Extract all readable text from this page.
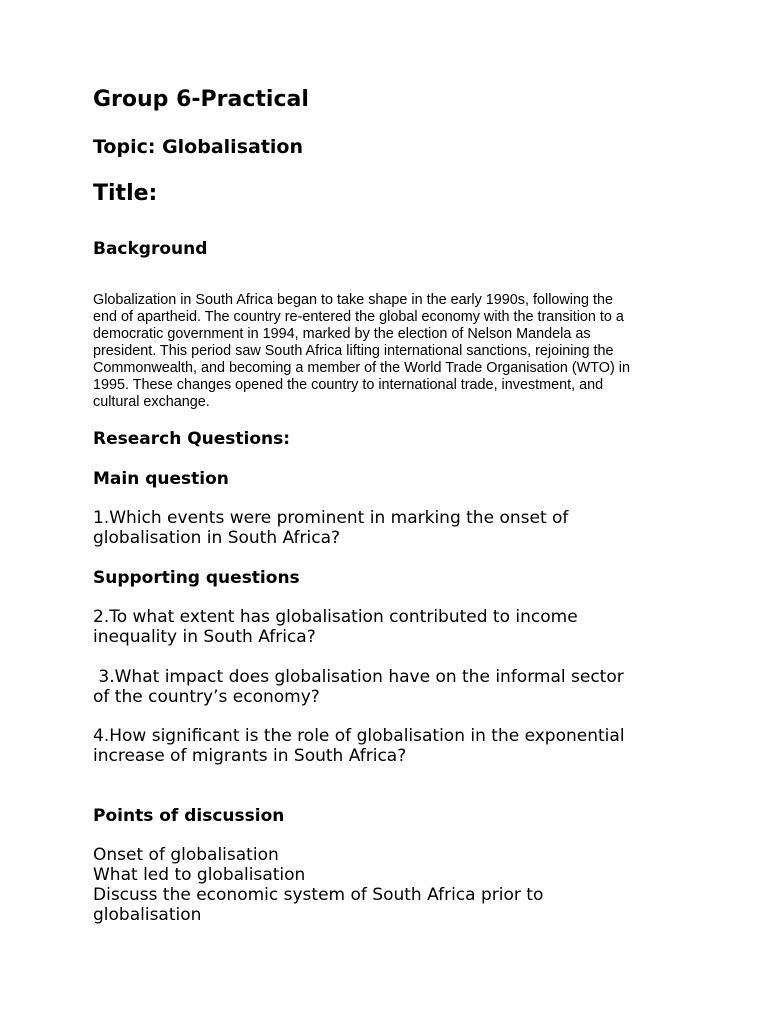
Group 6-Practical
Topic: Globalisation
Title:
Background
Globalization in South Africa began to take shape in the early 1990s, following the
end of apartheid. The country re-entered the global economy with the transition to a
democratic government in 1994, marked by the election of Nelson Mandela as
president. This period saw South Africa lifting international sanctions, rejoining the
Commonwealth, and becoming a member of the World Trade Organisation (WTO) in
1995. These changes opened the country to international trade, investment, and
cultural exchange.
Research Questions:
Main question
1.Which events were prominent in marking the onset of
globalisation in South Africa?
Supporting questions
2.To what extent has globalisation contributed to income
inequality in South Africa?
3.What impact does globalisation have on the informal sector
of the country’s economy?
4.How significant is the role of globalisation in the exponential
increase of migrants in South Africa?
Points of discussion
Onset of globalisation
What led to globalisation
Discuss the economic system of South Africa prior to
globalisation
